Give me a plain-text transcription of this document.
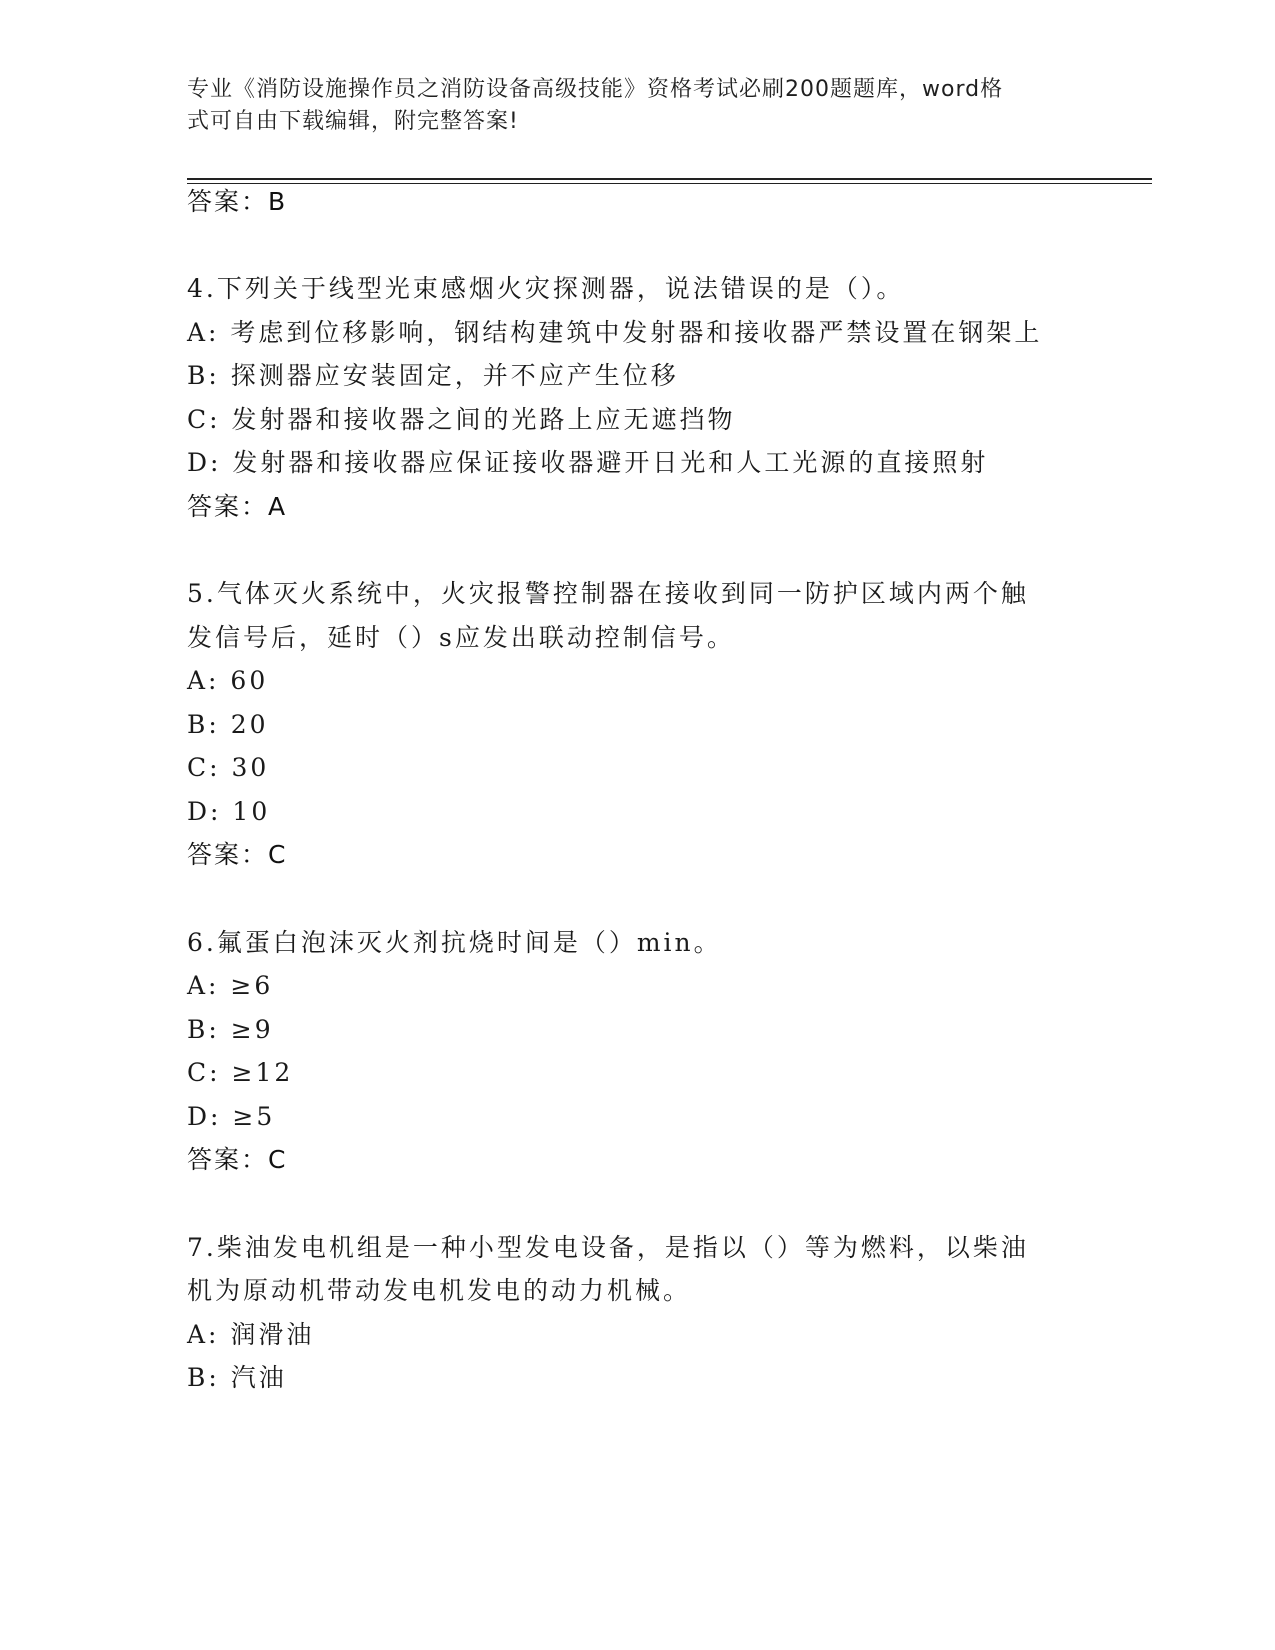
专业《消防设施操作员之消防设备高级技能》资格考试必刷200题题库，word格
式可自由下载编辑，附完整答案!
答案：B
4.下列关于线型光束感烟火灾探测器，说法错误的是（）。
A: 考虑到位移影响，钢结构建筑中发射器和接收器严禁设置在钢架上
B: 探测器应安装固定，并不应产生位移
C: 发射器和接收器之间的光路上应无遮挡物
D: 发射器和接收器应保证接收器避开日光和人工光源的直接照射
答案：A
5.气体灭火系统中，火灾报警控制器在接收到同一防护区域内两个触
发信号后，延时（）s应发出联动控制信号。
A: 60
B: 20
C: 30
D: 10
答案：C
6.氟蛋白泡沫灭火剂抗烧时间是（）min。
A: ≥6
B: ≥9
C: ≥12
D: ≥5
答案：C
7.柴油发电机组是一种小型发电设备，是指以（）等为燃料，以柴油
机为原动机带动发电机发电的动力机械。
A: 润滑油
B: 汽油
